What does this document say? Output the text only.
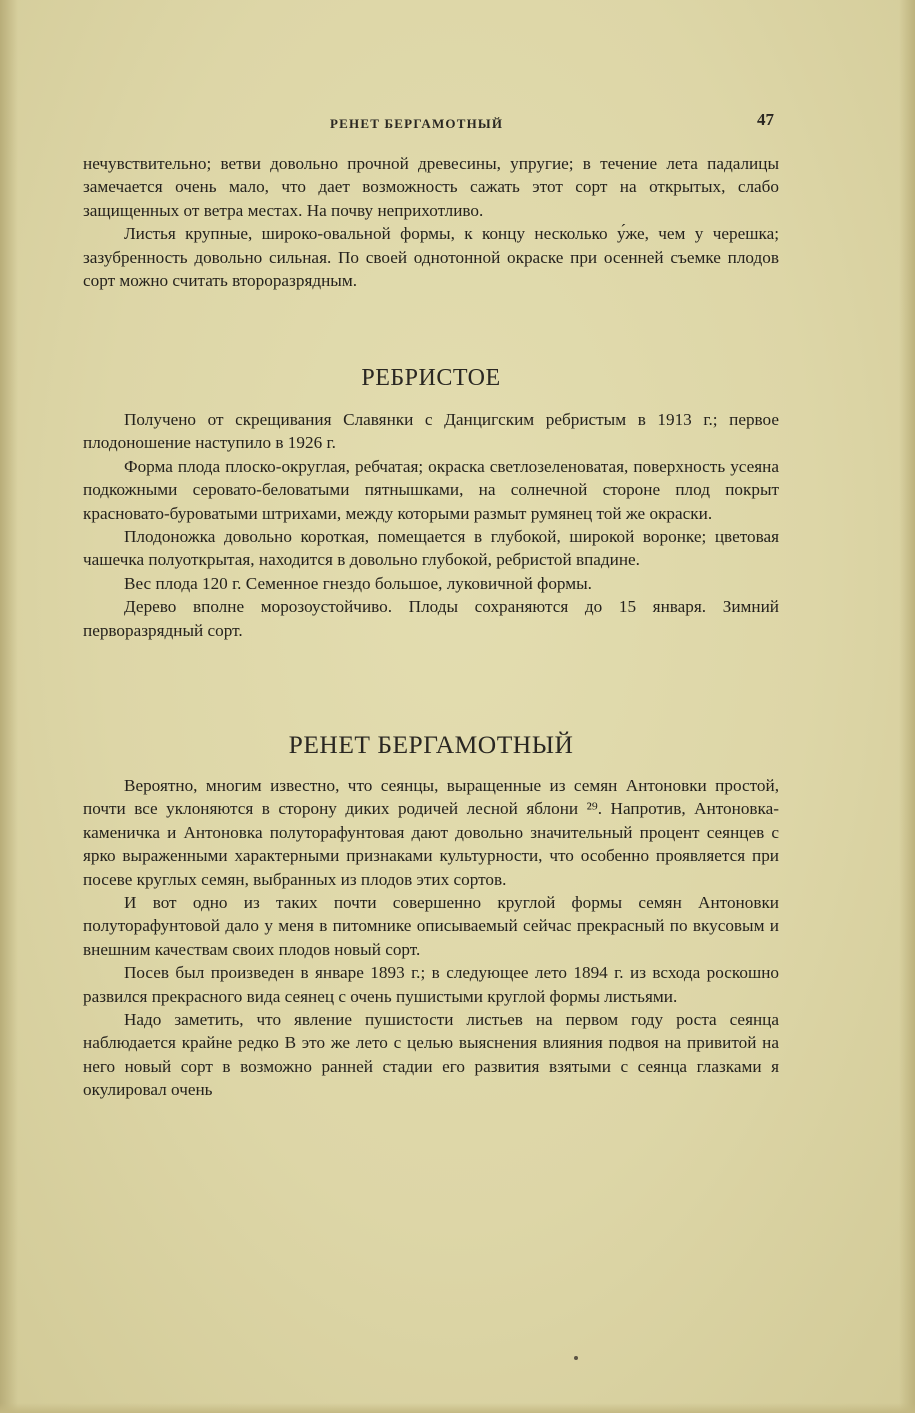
РЕНЕТ БЕРГАМОТНЫЙ	47

нечувствительно; ветви довольно прочной древесины, упругие; в течение лета падалицы замечается очень мало, что дает возможность сажать этот сорт на открытых, слабо защищенных от ветра местах. На почву неприхотливо.

Листья крупные, широко-овальной формы, к концу несколько у́же, чем у черешка; зазубренность довольно сильная. По своей однотонной окраске при осенней съемке плодов сорт можно считать второразрядным.

РЕБРИСТОЕ

Получено от скрещивания Славянки с Данцигским ребристым в 1913 г.; первое плодоношение наступило в 1926 г.

Форма плода плоско-округлая, ребчатая; окраска светлозеленоватая, поверхность усеяна подкожными серовато-беловатыми пятнышками, на солнечной стороне плод покрыт красновато-буроватыми штрихами, между которыми размыт румянец той же окраски.

Плодоножка довольно короткая, помещается в глубокой, широкой воронке; цветовая чашечка полуоткрытая, находится в довольно глубокой, ребристой впадине.

Вес плода 120 г. Семенное гнездо большое, луковичной формы.

Дерево вполне морозоустойчиво. Плоды сохраняются до 15 января. Зимний перворазрядный сорт.

РЕНЕТ БЕРГАМОТНЫЙ

Вероятно, многим известно, что сеянцы, выращенные из семян Антоновки простой, почти все уклоняются в сторону диких родичей лесной яблони ²⁹. Напротив, Антоновка-каменичка и Антоновка полуторафунтовая дают довольно значительный процент сеянцев с ярко выраженными характерными признаками культурности, что особенно проявляется при посеве круглых семян, выбранных из плодов этих сортов.

И вот одно из таких почти совершенно круглой формы семян Антоновки полуторафунтовой дало у меня в питомнике описываемый сейчас прекрасный по вкусовым и внешним качествам своих плодов новый сорт.

Посев был произведен в январе 1893 г.; в следующее лето 1894 г. из всхода роскошно развился прекрасного вида сеянец с очень пушистыми круглой формы листьями.

Надо заметить, что явление пушистости листьев на первом году роста сеянца наблюдается крайне редко В это же лето с целью выяснения влияния подвоя на привитой на него новый сорт в возможно ранней стадии его развития взятыми с сеянца глазками я окулировал очень
